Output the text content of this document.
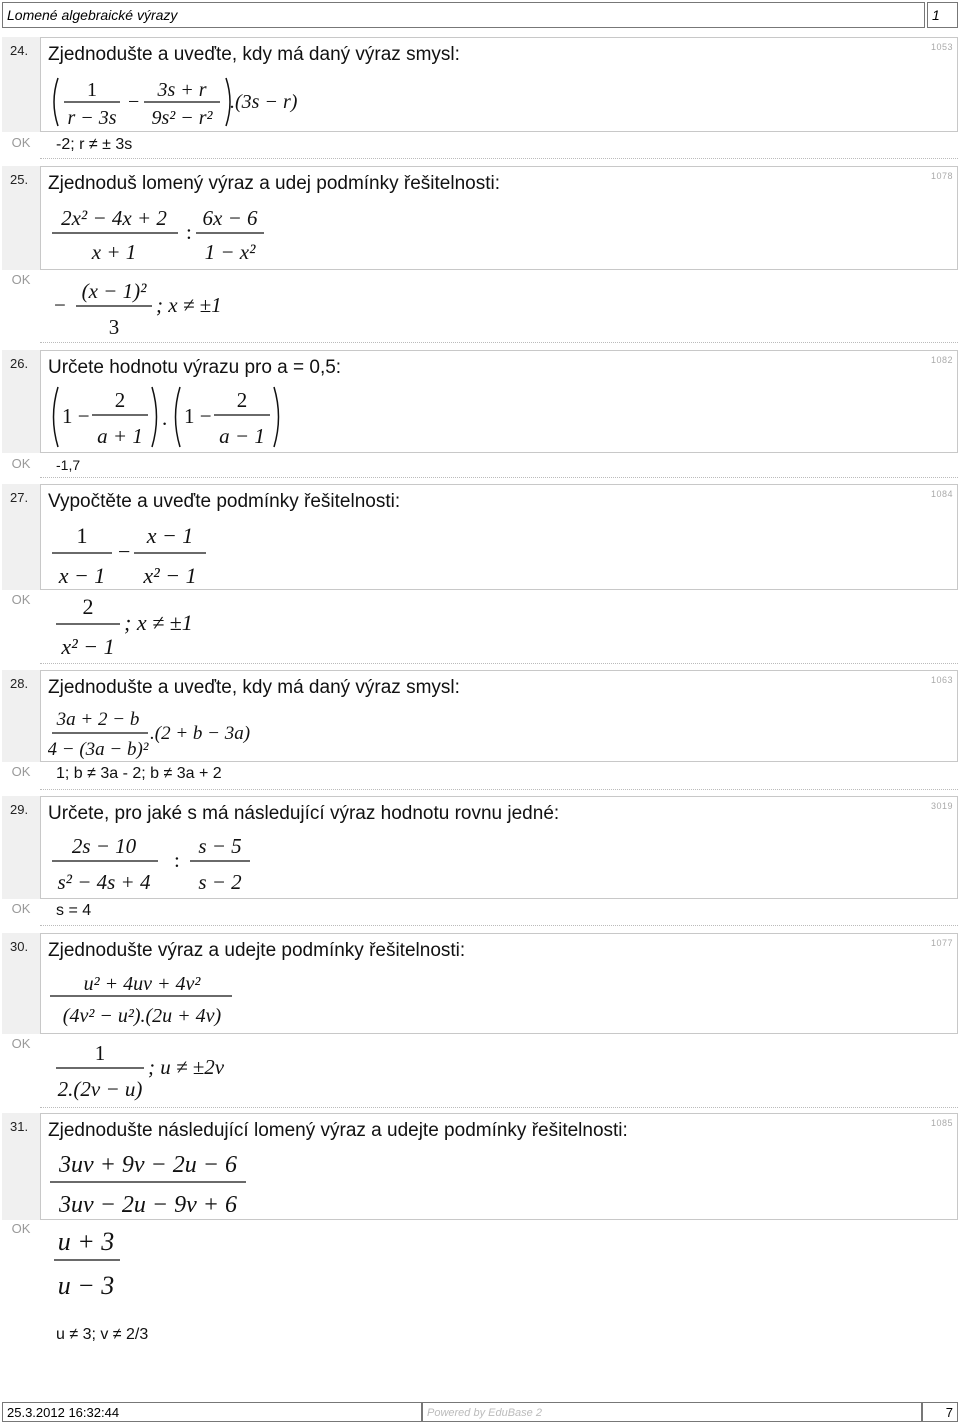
Lomené algebraické výrazy	1
24.	Zjednodušte a uveďte, kdy má daný výraz smysl:	1053
1
r − 3s
−
3s + r
9s² − r²
.(3s − r)
OK	-2; r ≠ ± 3s
25.	Zjednoduš lomený výraz a udej podmínky řešitelnosti:	1078
2x² − 4x + 2
x + 1
:
6x − 6
1 − x²
OK
−
(x − 1)²
3
; x ≠ ±1
26.	Určete hodnotu výrazu pro a = 0,5:	1082
1 −
2
a + 1
. 1 −
2
a − 1
OK	-1,7
27.	Vypočtěte a uveďte podmínky řešitelnosti:	1084
1
x − 1
−
x − 1
x² − 1
OK	2
x² − 1
; x ≠ ±1
28.	Zjednodušte a uveďte, kdy má daný výraz smysl:	1063
3a + 2 − b
4 − (3a − b)²
.(2 + b − 3a)
OK	1; b ≠ 3a - 2; b ≠ 3a + 2
29.	Určete, pro jaké s má následující výraz hodnotu rovnu jedné:	3019
2s − 10
s² − 4s + 4
:
s − 5
s − 2
OK	s = 4
30.	Zjednodušte výraz a udejte podmínky řešitelnosti:	1077
u² + 4uv + 4v²
(4v² − u²).(2u + 4v)
OK	1
2.(2v − u)
; u ≠ ±2v
31.	Zjednodušte následující lomený výraz a udejte podmínky řešitelnosti:	1085
3uv + 9v − 2u − 6
3uv − 2u − 9v + 6
OK	u + 3
u − 3
u ≠ 3; v ≠ 2/3
25.3.2012 16:32:44	Powered by EduBase 2	7
